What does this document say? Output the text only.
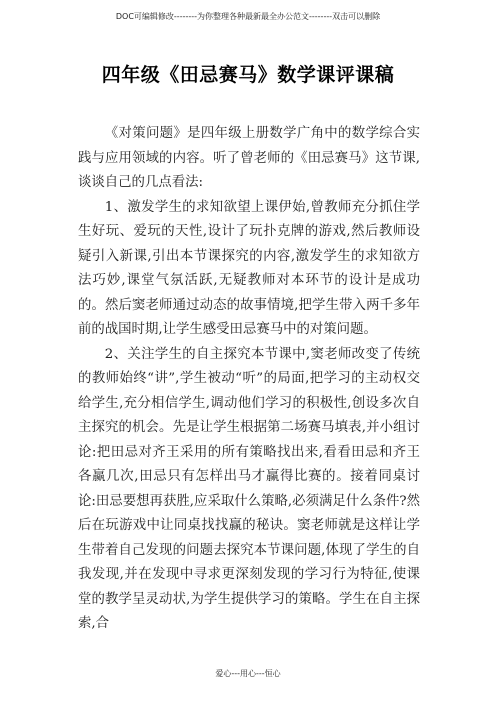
DOC可编辑修改--------为你整理各种最新最全办公范文--------双击可以删除
四年级《田忌赛马》数学课评课稿

《对策问题》是四年级上册数学广角中的数学综合实践与应用领域的内容。听了曾老师的《田忌赛马》这节课,谈谈自己的几点看法:

1、激发学生的求知欲望上课伊始,曾教师充分抓住学生好玩、爱玩的天性,设计了玩扑克牌的游戏,然后教师设疑引入新课,引出本节课探究的内容,激发学生的求知欲方法巧妙,课堂气氛活跃,无疑教师对本环节的设计是成功的。然后窦老师通过动态的故事情境,把学生带入两千多年前的战国时期,让学生感受田忌赛马中的对策问题。

2、关注学生的自主探究本节课中,窦老师改变了传统的教师始终“讲”,学生被动“听”的局面,把学习的主动权交给学生,充分相信学生,调动他们学习的积极性,创设多次自主探究的机会。先是让学生根据第二场赛马填表,并小组讨论:把田忌对齐王采用的所有策略找出来,看看田忌和齐王各赢几次,田忌只有怎样出马才赢得比赛的。接着同桌讨论:田忌要想再获胜,应采取什么策略,必须满足什么条件?然后在玩游戏中让同桌找找赢的秘诀。窦老师就是这样让学生带着自己发现的问题去探究本节课问题,体现了学生的自我发现,并在发现中寻求更深刻发现的学习行为特征,使课堂的教学呈灵动状,为学生提供学习的策略。学生在自主探索,合

爱心---用心---恒心
